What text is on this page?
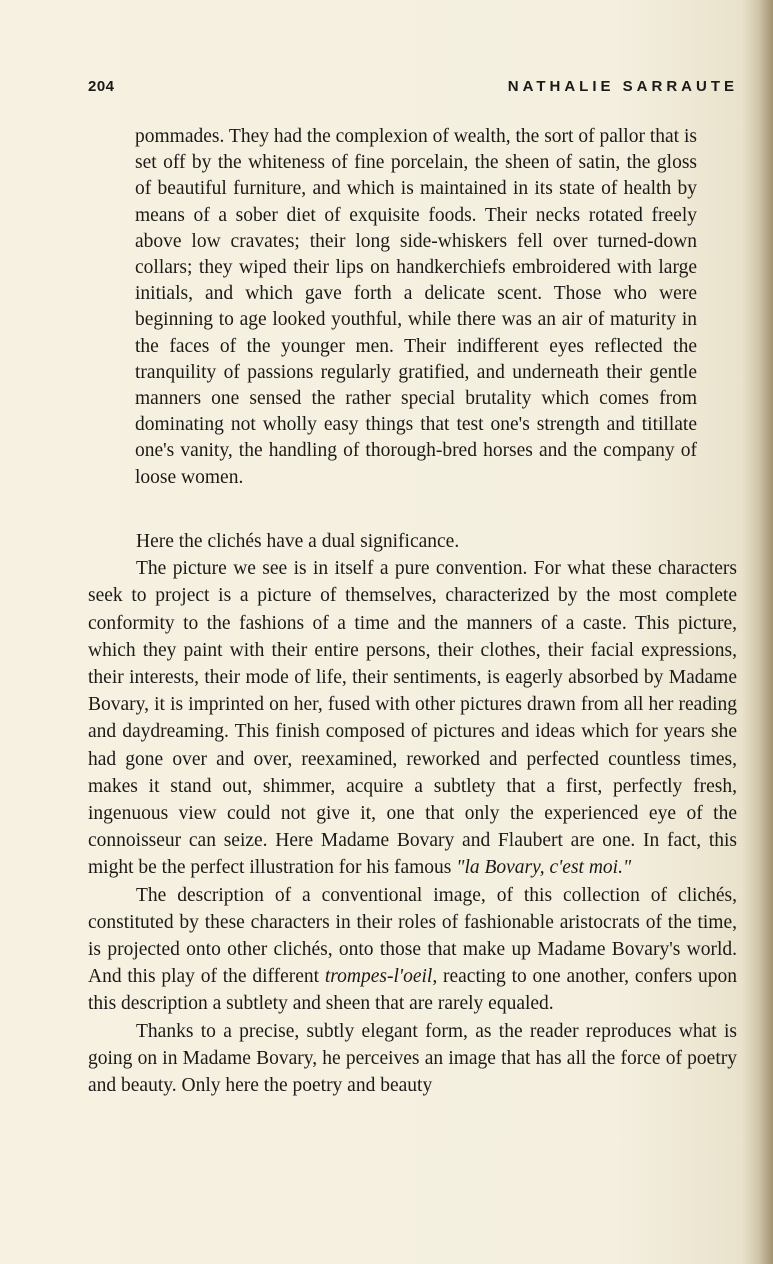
204	NATHALIE SARRAUTE

pommades. They had the complexion of wealth, the sort of pallor that is set off by the whiteness of fine porcelain, the sheen of satin, the gloss of beautiful furniture, and which is maintained in its state of health by means of a sober diet of exquisite foods. Their necks rotated freely above low cravates; their long side-whiskers fell over turned-down collars; they wiped their lips on handkerchiefs embroidered with large initials, and which gave forth a delicate scent. Those who were beginning to age looked youthful, while there was an air of maturity in the faces of the younger men. Their indifferent eyes reflected the tranquility of passions regularly gratified, and underneath their gentle manners one sensed the rather special brutality which comes from dominating not wholly easy things that test one's strength and titillate one's vanity, the handling of thorough-bred horses and the company of loose women.

Here the clichés have a dual significance.

The picture we see is in itself a pure convention. For what these characters seek to project is a picture of themselves, characterized by the most complete conformity to the fashions of a time and the manners of a caste. This picture, which they paint with their entire persons, their clothes, their facial expressions, their interests, their mode of life, their sentiments, is eagerly absorbed by Madame Bovary, it is imprinted on her, fused with other pictures drawn from all her reading and daydreaming. This finish composed of pictures and ideas which for years she had gone over and over, reexamined, reworked and perfected countless times, makes it stand out, shimmer, acquire a subtlety that a first, perfectly fresh, ingenuous view could not give it, one that only the experienced eye of the connoisseur can seize. Here Madame Bovary and Flaubert are one. In fact, this might be the perfect illustration for his famous "la Bovary, c'est moi."

The description of a conventional image, of this collection of clichés, constituted by these characters in their roles of fashionable aristocrats of the time, is projected onto other clichés, onto those that make up Madame Bovary's world. And this play of the different trompes-l'oeil, reacting to one another, confers upon this description a subtlety and sheen that are rarely equaled.

Thanks to a precise, subtly elegant form, as the reader reproduces what is going on in Madame Bovary, he perceives an image that has all the force of poetry and beauty. Only here the poetry and beauty
